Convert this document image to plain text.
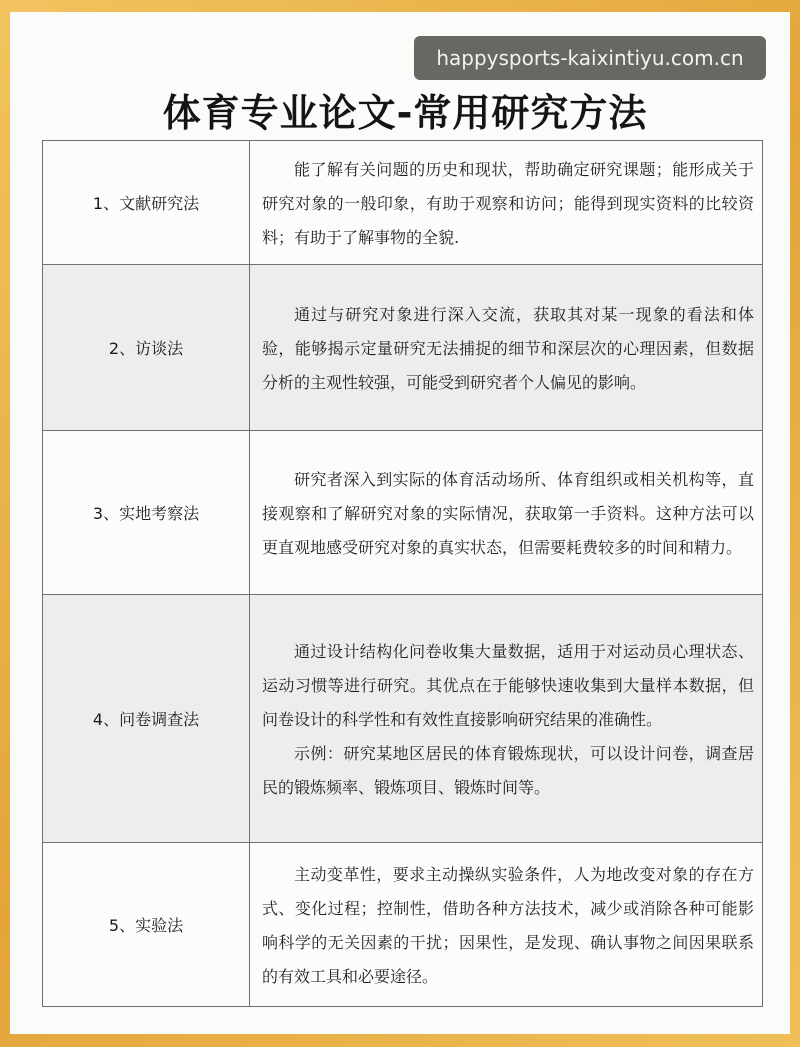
happysports-kaixintiyu.com.cn
体育专业论文-常用研究方法
1、文献研究法	能了解有关问题的历史和现状，帮助确定研究课题；能形成关于研究对象的一般印象，有助于观察和访问；能得到现实资料的比较资料；有助于了解事物的全貌.

2、访谈法	通过与研究对象进行深入交流，获取其对某一现象的看法和体验，能够揭示定量研究无法捕捉的细节和深层次的心理因素，但数据分析的主观性较强，可能受到研究者个人偏见的影响。

3、实地考察法	研究者深入到实际的体育活动场所、体育组织或相关机构等，直接观察和了解研究对象的实际情况，获取第一手资料。这种方法可以更直观地感受研究对象的真实状态，但需要耗费较多的时间和精力。

4、问卷调查法	通过设计结构化问卷收集大量数据，适用于对运动员心理状态、运动习惯等进行研究。其优点在于能够快速收集到大量样本数据，但问卷设计的科学性和有效性直接影响研究结果的准确性。

示例：研究某地区居民的体育锻炼现状，可以设计问卷，调查居民的锻炼频率、锻炼项目、锻炼时间等。

5、实验法	主动变革性，要求主动操纵实验条件，人为地改变对象的存在方式、变化过程；控制性，借助各种方法技术，减少或消除各种可能影响科学的无关因素的干扰；因果性，是发现、确认事物之间因果联系的有效工具和必要途径。
